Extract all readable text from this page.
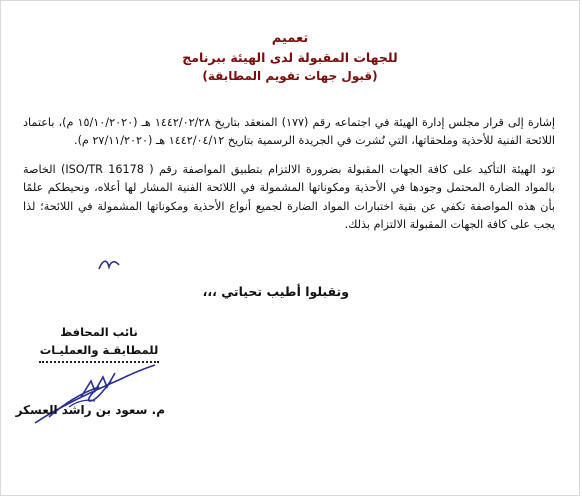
تعميم
للجهات المقبولة لدى الهيئة ببرنامج
(قبول جهات تقويم المطابقة)

إشارة إلى قرار مجلس إدارة الهيئة في اجتماعه رقم (١٧٧) المنعقد بتاريخ ١٤٤٢/٠٢/٢٨ هـ (١٥/١٠/٢٠٢٠ م)، باعتماد اللائحة الفنية للأحذية وملحقاتها، التي نُشرت في الجريدة الرسمية بتاريخ ١٤٤٢/٠٤/١٢ هـ (٢٧/١١/٢٠٢٠ م).

تود الهيئة التأكيد على كافة الجهات المقبولة بضرورة الالتزام بتطبيق المواصفة رقم ( ISO/TR 16178) الخاصة بالمواد الضارة المحتمل وجودها في الأحذية ومكوناتها المشمولة في اللائحة الفنية المشار لها أعلاه، ونحيطكم علمًا بأن هذه المواصفة تكفي عن بقية اختبارات المواد الضارة لجميع أنواع الأحذية ومكوناتها المشمولة في اللائحة؛ لذا يجب على كافة الجهات المقبولة الالتزام بذلك.

وتقبلوا أطيب تحياتي ،،،
نائب المحافظ
للمطابقـة والعمليـات
م. سعود بن راشد العسكر
